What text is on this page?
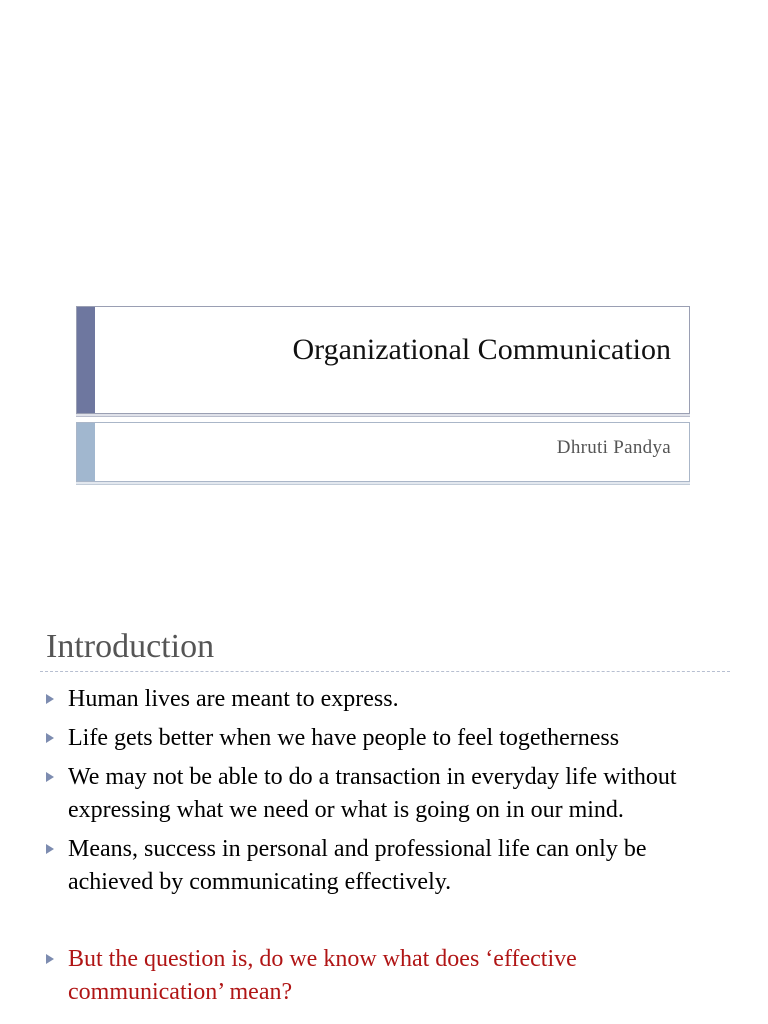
Organizational Communication
Dhruti Pandya
Introduction
Human lives are meant to express.
Life gets better when we have people to feel togetherness
We may not be able to do a transaction in everyday life without expressing what we need or what is going on in our mind.
Means, success in personal and professional life can only be achieved by communicating effectively.
But the question is, do we know what does ‘effective communication’ mean?
